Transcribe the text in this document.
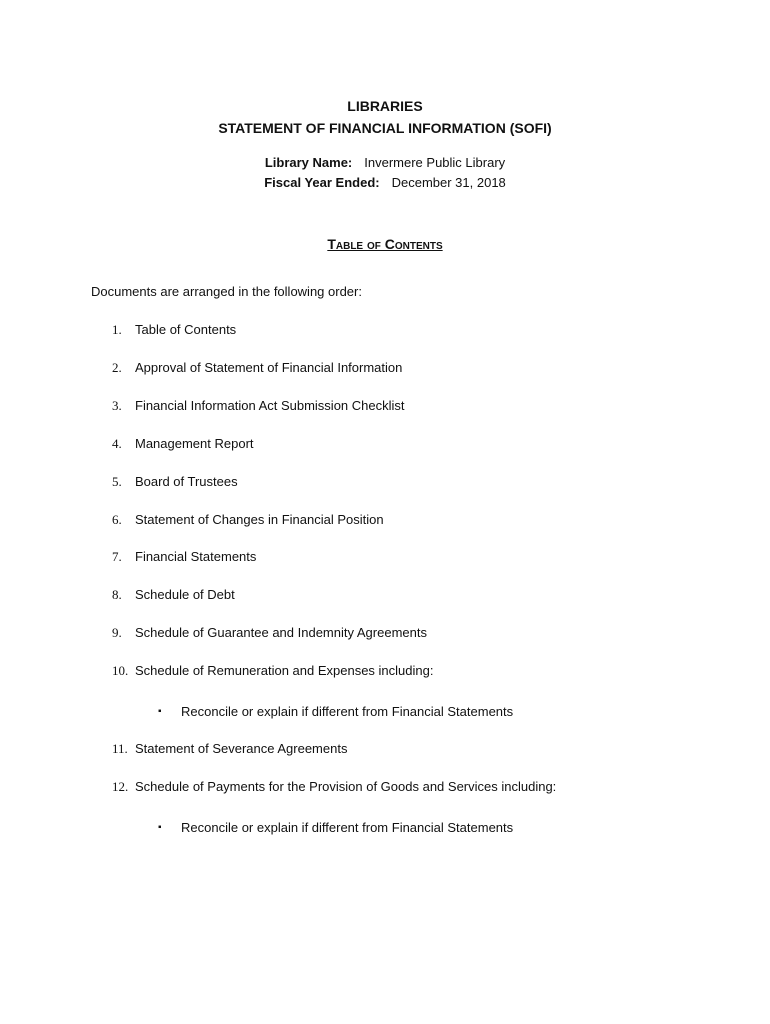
LIBRARIES
STATEMENT OF FINANCIAL INFORMATION (SOFI)
Library Name: Invermere Public Library
Fiscal Year Ended: December 31, 2018
Table of Contents
Documents are arranged in the following order:
1. Table of Contents
2. Approval of Statement of Financial Information
3. Financial Information Act Submission Checklist
4. Management Report
5. Board of Trustees
6. Statement of Changes in Financial Position
7. Financial Statements
8. Schedule of Debt
9. Schedule of Guarantee and Indemnity Agreements
10. Schedule of Remuneration and Expenses including:
▪ Reconcile or explain if different from Financial Statements
11. Statement of Severance Agreements
12. Schedule of Payments for the Provision of Goods and Services including:
▪ Reconcile or explain if different from Financial Statements
